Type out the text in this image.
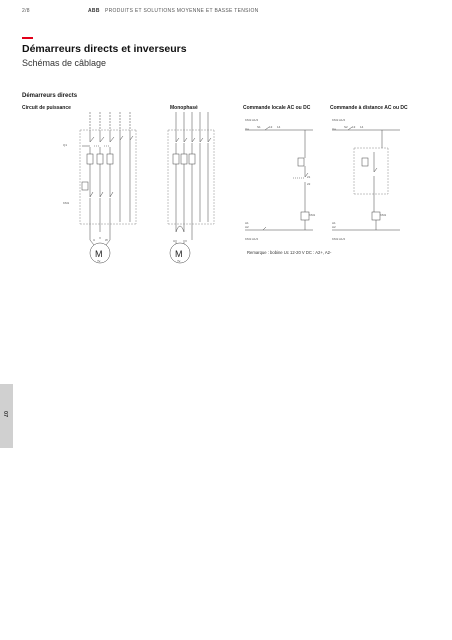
2/8	ABB PRODUITS ET SOLUTIONS MOYENNE ET BASSE TENSION
Démarreurs directs et inverseurs
Schémas de câblage
Démarreurs directs
Circuit de puissance	Monophasé	Commande locale AC ou DC	Commande à distance AC ou DC
Q1
KM1
U V W
M
~
U	V
M
~
KM1:A1/2
Ua	S1	13 14
21
22
KM1
A1
A2
KM1:A1/2
KM1:A1/2
Ua	S2 13 14
KM1
A1
A2
KM1:A1/2
Remarque : bobine Uc 12-20 V DC : A2+, A2-
07
